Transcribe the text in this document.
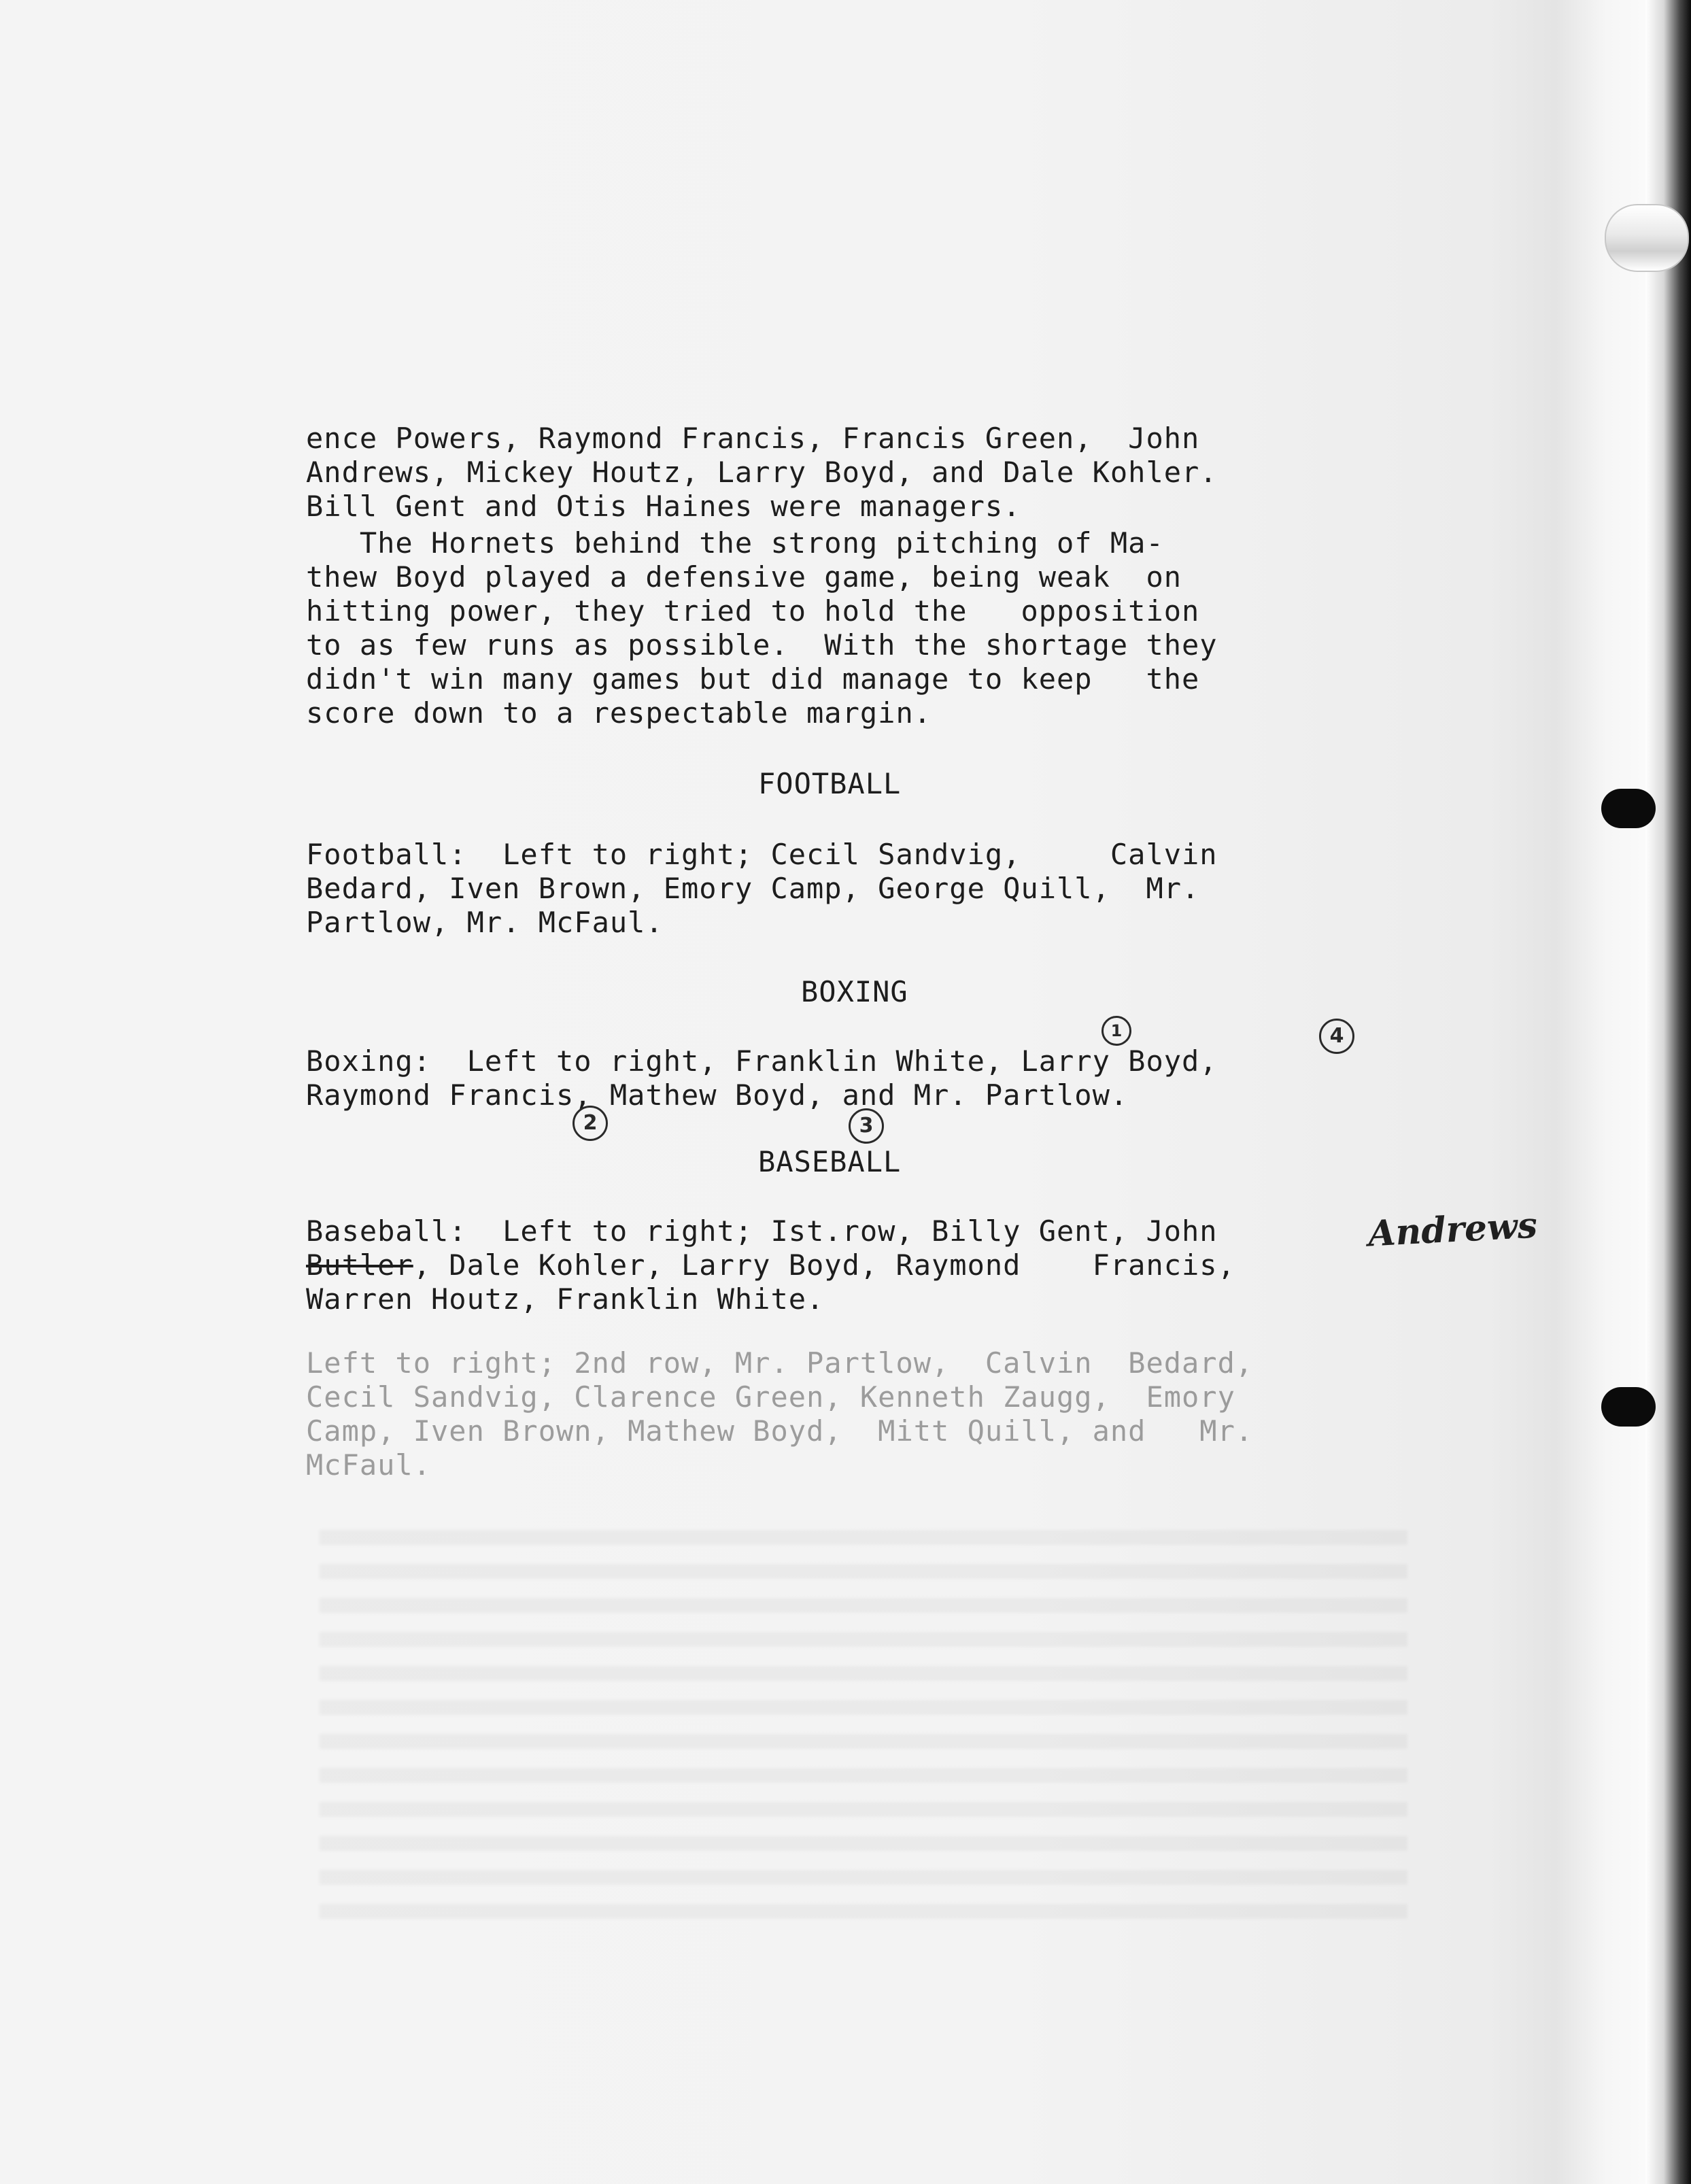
ence Powers, Raymond Francis, Francis Green,  John
Andrews, Mickey Houtz, Larry Boyd, and Dale Kohler.
Bill Gent and Otis Haines were managers.
The Hornets behind the strong pitching of Ma-
thew Boyd played a defensive game, being weak  on
hitting power, they tried to hold the   opposition
to as few runs as possible.  With the shortage they
didn't win many games but did manage to keep   the
score down to a respectable margin.
FOOTBALL
Football:  Left to right; Cecil Sandvig,     Calvin
Bedard, Iven Brown, Emory Camp, George Quill,  Mr.
Partlow, Mr. McFaul.
BOXING
Boxing:  Left to right, Franklin White, Larry Boyd,
Raymond Francis, Mathew Boyd, and Mr. Partlow.
1
2	3
4
BASEBALL
Baseball:  Left to right; Ist.row, Billy Gent, John
Butler, Dale Kohler, Larry Boyd, Raymond    Francis,
Warren Houtz, Franklin White.
Andrews
Left to right; 2nd row, Mr. Partlow,  Calvin  Bedard,
Cecil Sandvig, Clarence Green, Kenneth Zaugg,  Emory
Camp, Iven Brown, Mathew Boyd,  Mitt Quill, and   Mr.
McFaul.
